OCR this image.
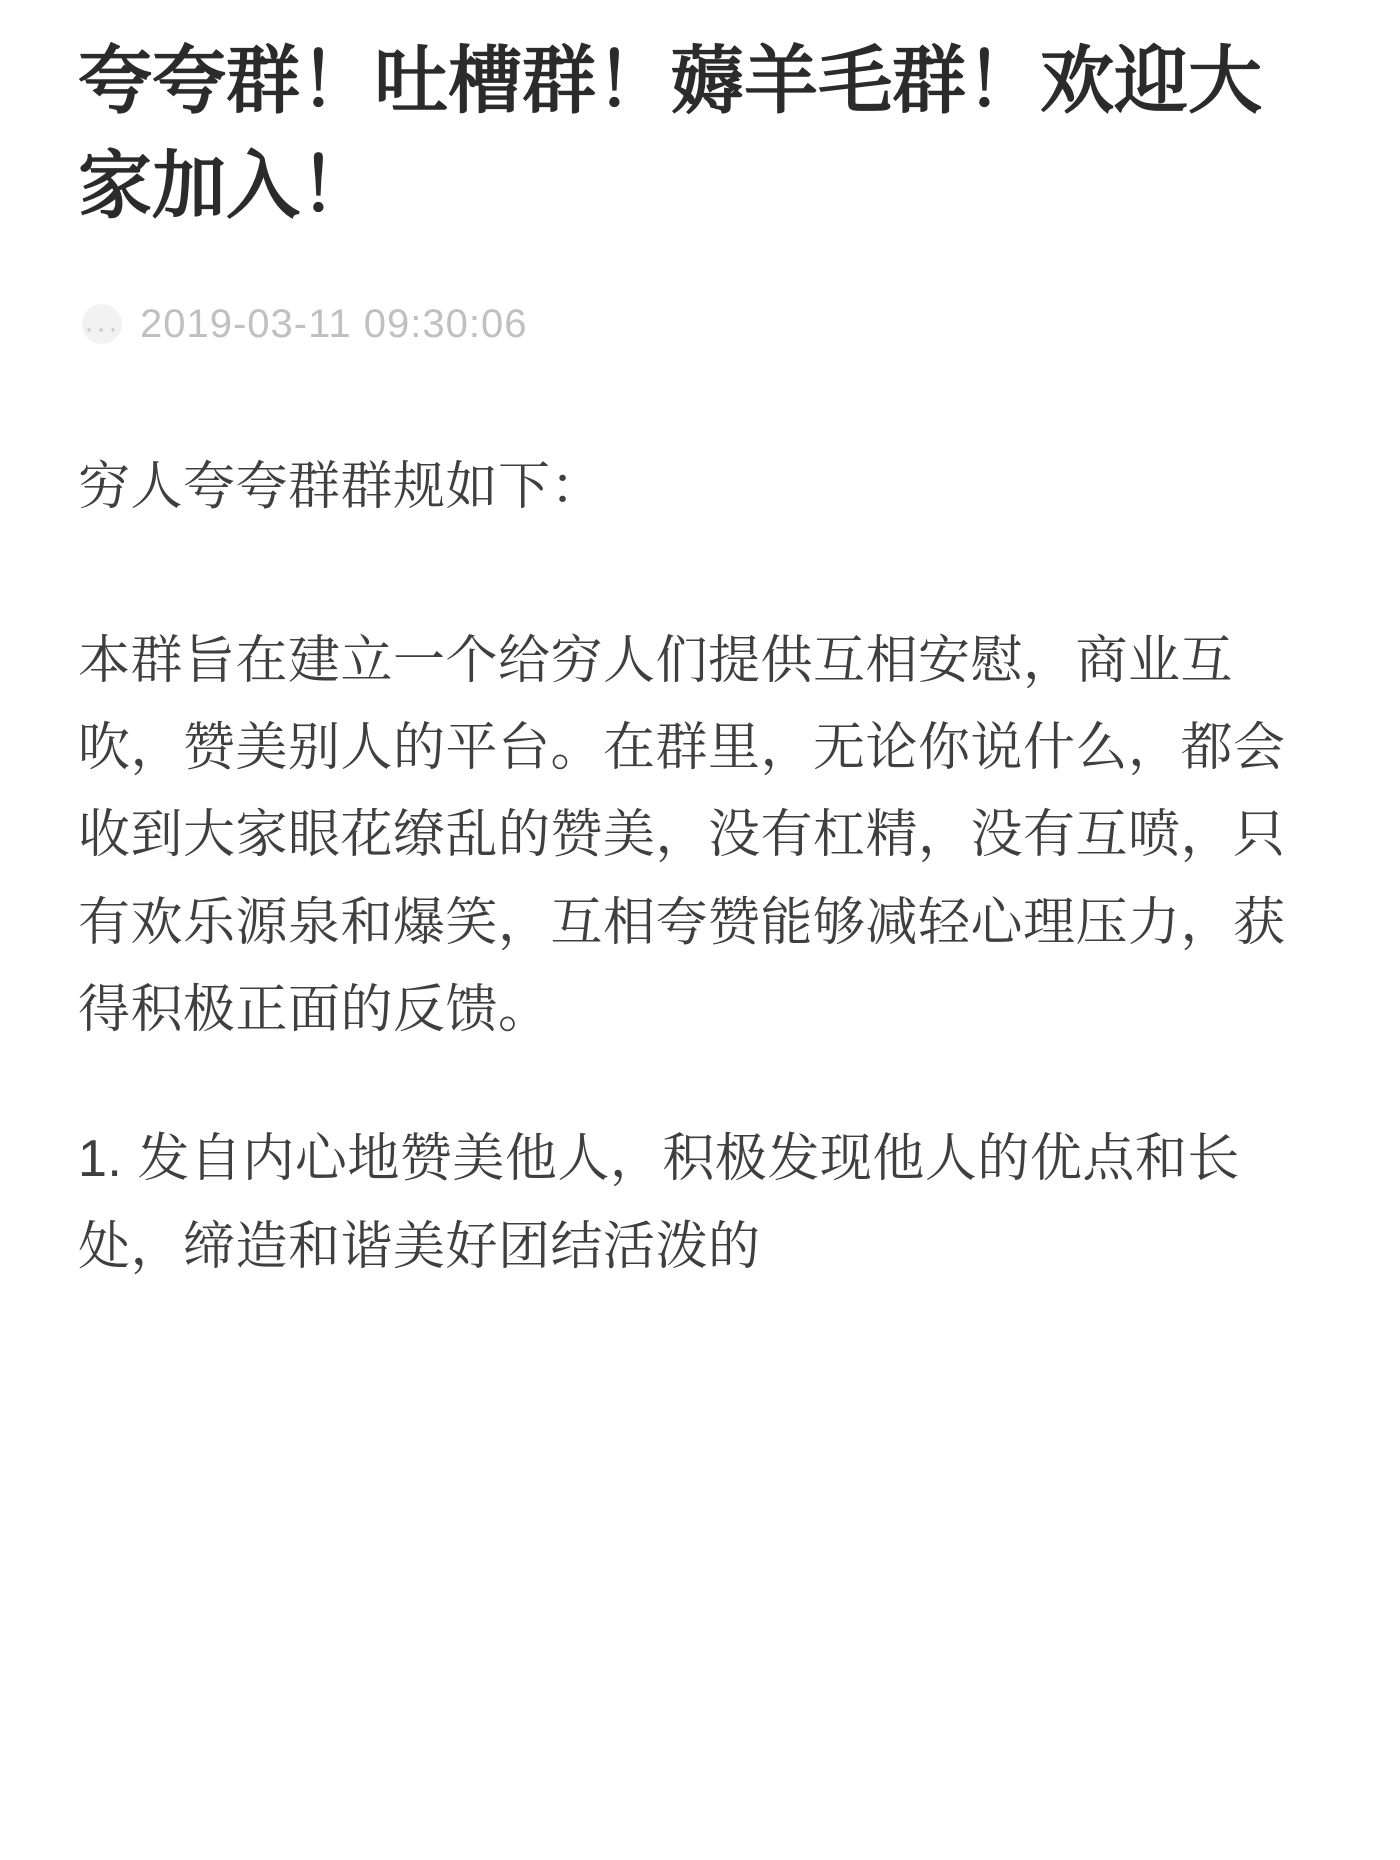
夸夸群！吐槽群！薅羊毛群！欢迎大家加入！
··· 2019-03-11 09:30:06

穷人夸夸群群规如下：

本群旨在建立一个给穷人们提供互相安慰，商业互吹，赞美别人的平台。在群里，无论你说什么，都会收到大家眼花缭乱的赞美，没有杠精，没有互喷，只有欢乐源泉和爆笑，互相夸赞能够减轻心理压力，获得积极正面的反馈。

1. 发自内心地赞美他人，积极发现他人的优点和长处，缔造和谐美好团结活泼的
